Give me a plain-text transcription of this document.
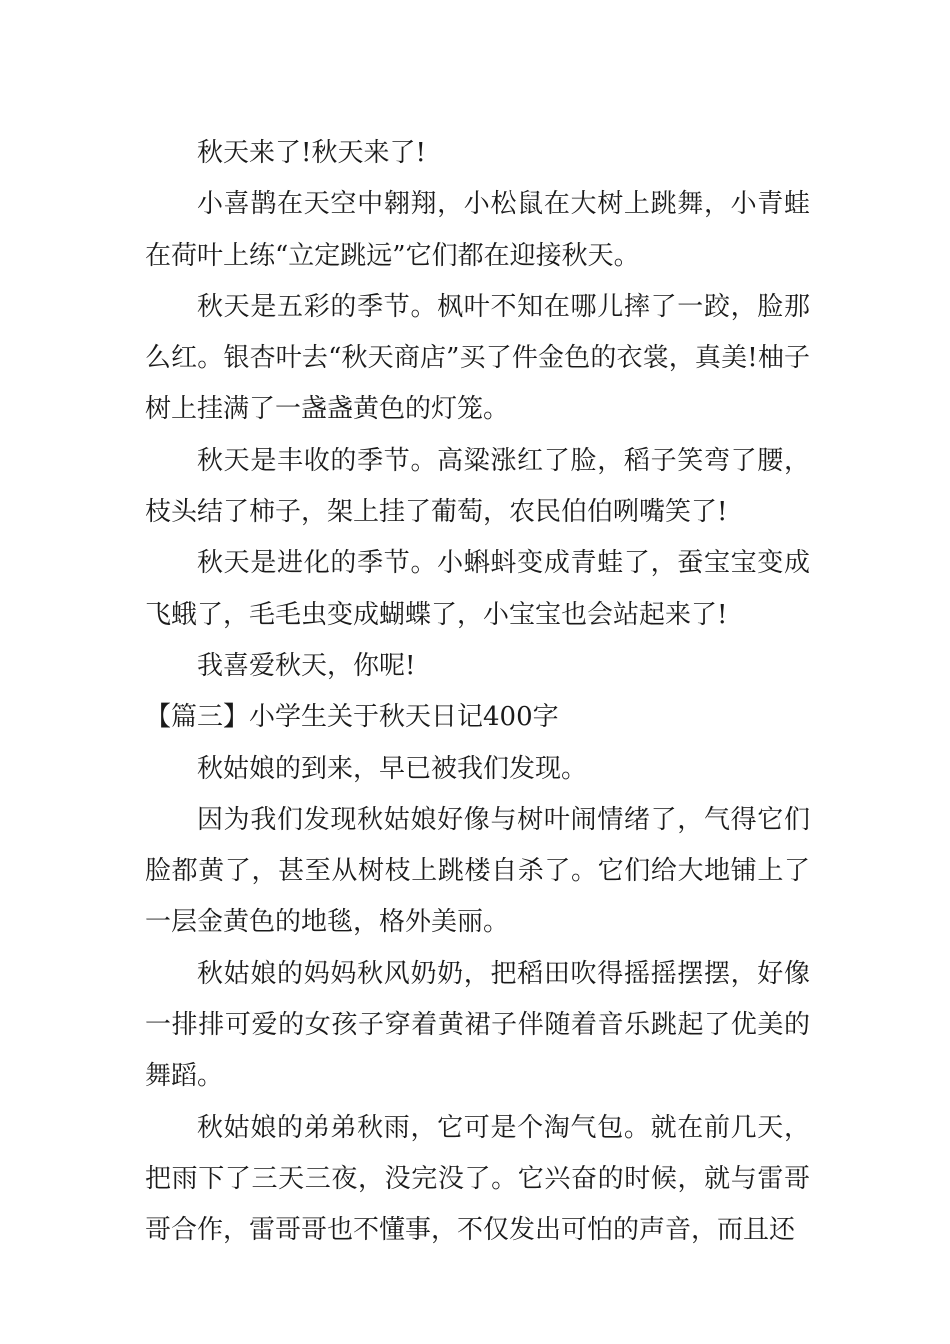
秋天来了!秋天来了!

小喜鹊在天空中翱翔，小松鼠在大树上跳舞，小青蛙在荷叶上练“立定跳远”它们都在迎接秋天。

秋天是五彩的季节。枫叶不知在哪儿摔了一跤，脸那么红。银杏叶去“秋天商店”买了件金色的衣裳，真美!柚子树上挂满了一盏盏黄色的灯笼。

秋天是丰收的季节。高粱涨红了脸，稻子笑弯了腰，枝头结了柿子，架上挂了葡萄，农民伯伯咧嘴笑了!

秋天是进化的季节。小蝌蚪变成青蛙了，蚕宝宝变成飞蛾了，毛毛虫变成蝴蝶了，小宝宝也会站起来了!

我喜爱秋天，你呢!

【篇三】小学生关于秋天日记400字

秋姑娘的到来，早已被我们发现。

因为我们发现秋姑娘好像与树叶闹情绪了，气得它们脸都黄了，甚至从树枝上跳楼自杀了。它们给大地铺上了一层金黄色的地毯，格外美丽。

秋姑娘的妈妈秋风奶奶，把稻田吹得摇摇摆摆，好像一排排可爱的女孩子穿着黄裙子伴随着音乐跳起了优美的舞蹈。

秋姑娘的弟弟秋雨，它可是个淘气包。就在前几天，把雨下了三天三夜，没完没了。它兴奋的时候，就与雷哥哥合作，雷哥哥也不懂事，不仅发出可怕的声音，而且还
